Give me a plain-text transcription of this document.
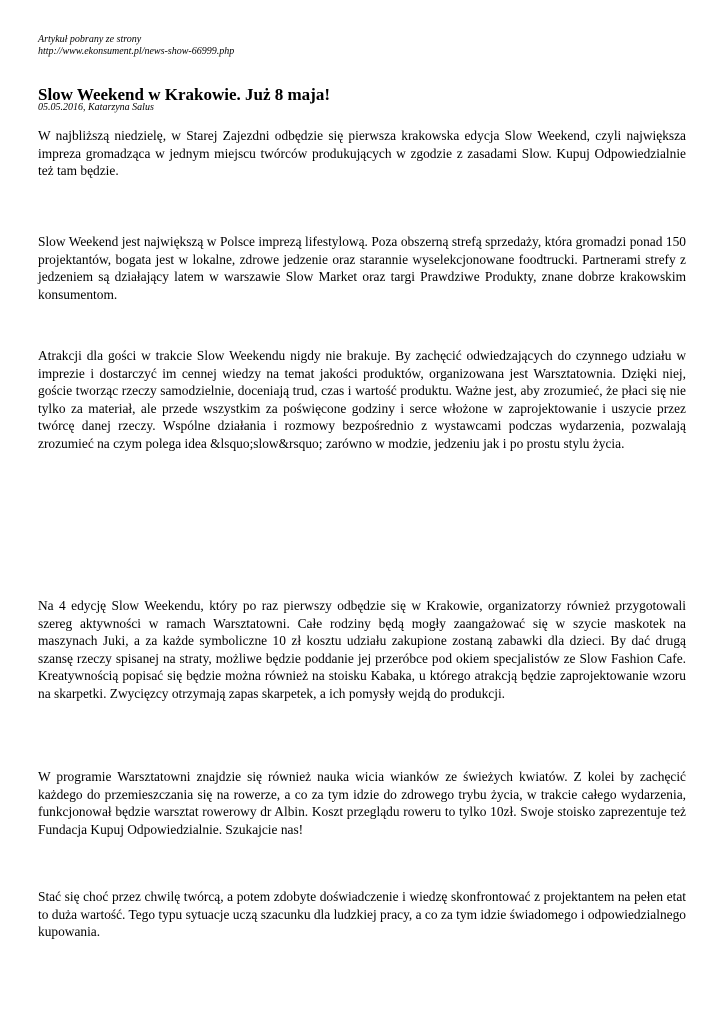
Artykuł pobrany ze strony
http://www.ekonsument.pl/news-show-66999.php
Slow Weekend w Krakowie. Już 8 maja!
05.05.2016, Katarzyna Salus

W najbliższą niedzielę, w Starej Zajezdni odbędzie się pierwsza krakowska edycja Slow Weekend, czyli największa impreza gromadząca w jednym miejscu twórców produkujących w zgodzie z zasadami Slow. Kupuj Odpowiedzialnie też tam będzie.

Slow Weekend jest największą w Polsce imprezą lifestylową. Poza obszerną strefą sprzedaży, która gromadzi ponad 150 projektantów, bogata jest w lokalne, zdrowe jedzenie oraz starannie wyselekcjonowane foodtrucki. Partnerami strefy z jedzeniem są działający latem w warszawie Slow Market oraz targi Prawdziwe Produkty, znane dobrze krakowskim konsumentom.

Atrakcji dla gości w trakcie Slow Weekendu nigdy nie brakuje. By zachęcić odwiedzających do czynnego udziału w imprezie i dostarczyć im cennej wiedzy na temat jakości produktów, organizowana jest Warsztatownia. Dzięki niej, goście tworząc rzeczy samodzielnie, doceniają trud, czas i wartość produktu. Ważne jest, aby zrozumieć, że płaci się nie tylko za materiał, ale przede wszystkim za poświęcone godziny i serce włożone w zaprojektowanie i uszycie przez twórcę danej rzeczy. Wspólne działania i rozmowy bezpośrednio z wystawcami podczas wydarzenia, pozwalają zrozumieć na czym polega idea &lsquo;slow&rsquo; zarówno w modzie, jedzeniu jak i po prostu stylu życia.

Na 4 edycję Slow Weekendu, który po raz pierwszy odbędzie się w Krakowie, organizatorzy również przygotowali szereg aktywności w ramach Warsztatowni. Całe rodziny będą mogły zaangażować się w szycie maskotek na maszynach Juki, a za każde symboliczne 10 zł kosztu udziału zakupione zostaną zabawki dla dzieci. By dać drugą szansę rzeczy spisanej na straty, możliwe będzie poddanie jej przeróbce pod okiem specjalistów ze Slow Fashion Cafe. Kreatywnością popisać się będzie można również na stoisku Kabaka, u którego atrakcją będzie zaprojektowanie wzoru na skarpetki. Zwycięzcy otrzymają zapas skarpetek, a ich pomysły wejdą do produkcji.

W programie Warsztatowni znajdzie się również nauka wicia wianków ze świeżych kwiatów. Z kolei by zachęcić każdego do przemieszczania się na rowerze, a co za tym idzie do zdrowego trybu życia, w trakcie całego wydarzenia, funkcjonował będzie warsztat rowerowy dr Albin. Koszt przeglądu roweru to tylko 10zł. Swoje stoisko zaprezentuje też Fundacja Kupuj Odpowiedzialnie. Szukajcie nas!

Stać się choć przez chwilę twórcą, a potem zdobyte doświadczenie i wiedzę skonfrontować z projektantem na pełen etat to duża wartość. Tego typu sytuacje uczą szacunku dla ludzkiej pracy, a co za tym idzie świadomego i odpowiedzialnego kupowania.
